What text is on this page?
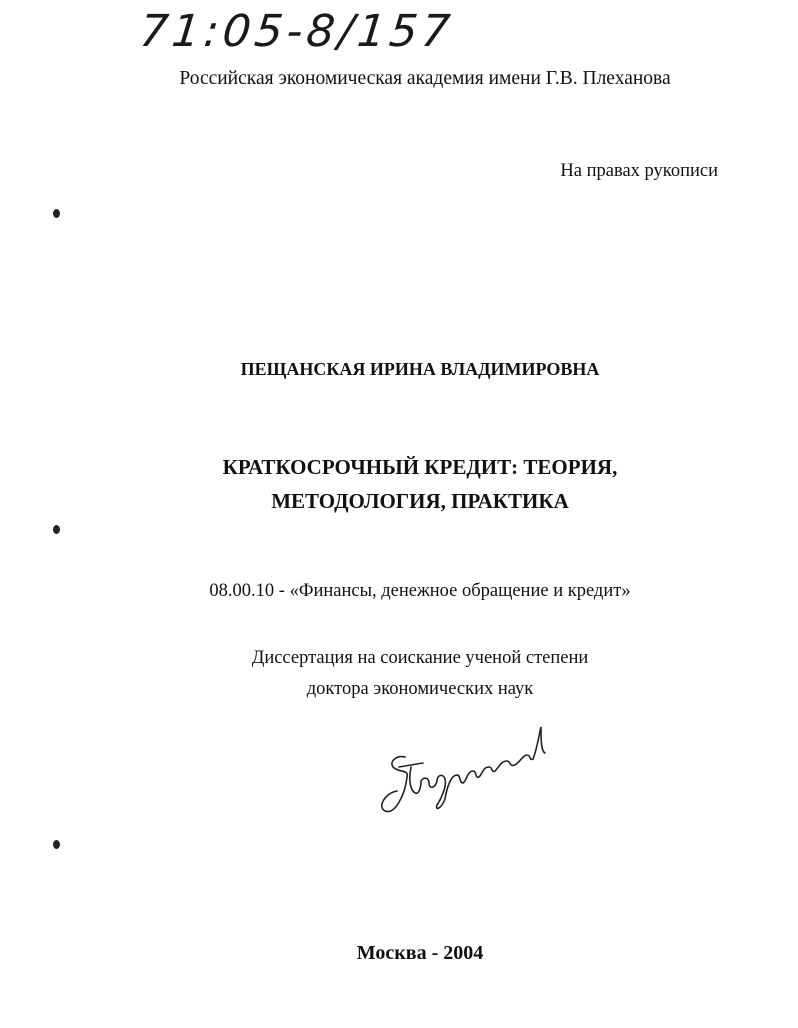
71:05-8/157
Российская экономическая академия имени Г.В. Плеханова
На правах рукописи
ПЕЩАНСКАЯ ИРИНА ВЛАДИМИРОВНА
КРАТКОСРОЧНЫЙ КРЕДИТ: ТЕОРИЯ,
МЕТОДОЛОГИЯ, ПРАКТИКА
08.00.10 - «Финансы, денежное обращение и кредит»
Диссертация на соискание ученой степени
доктора экономических наук
Москва - 2004
